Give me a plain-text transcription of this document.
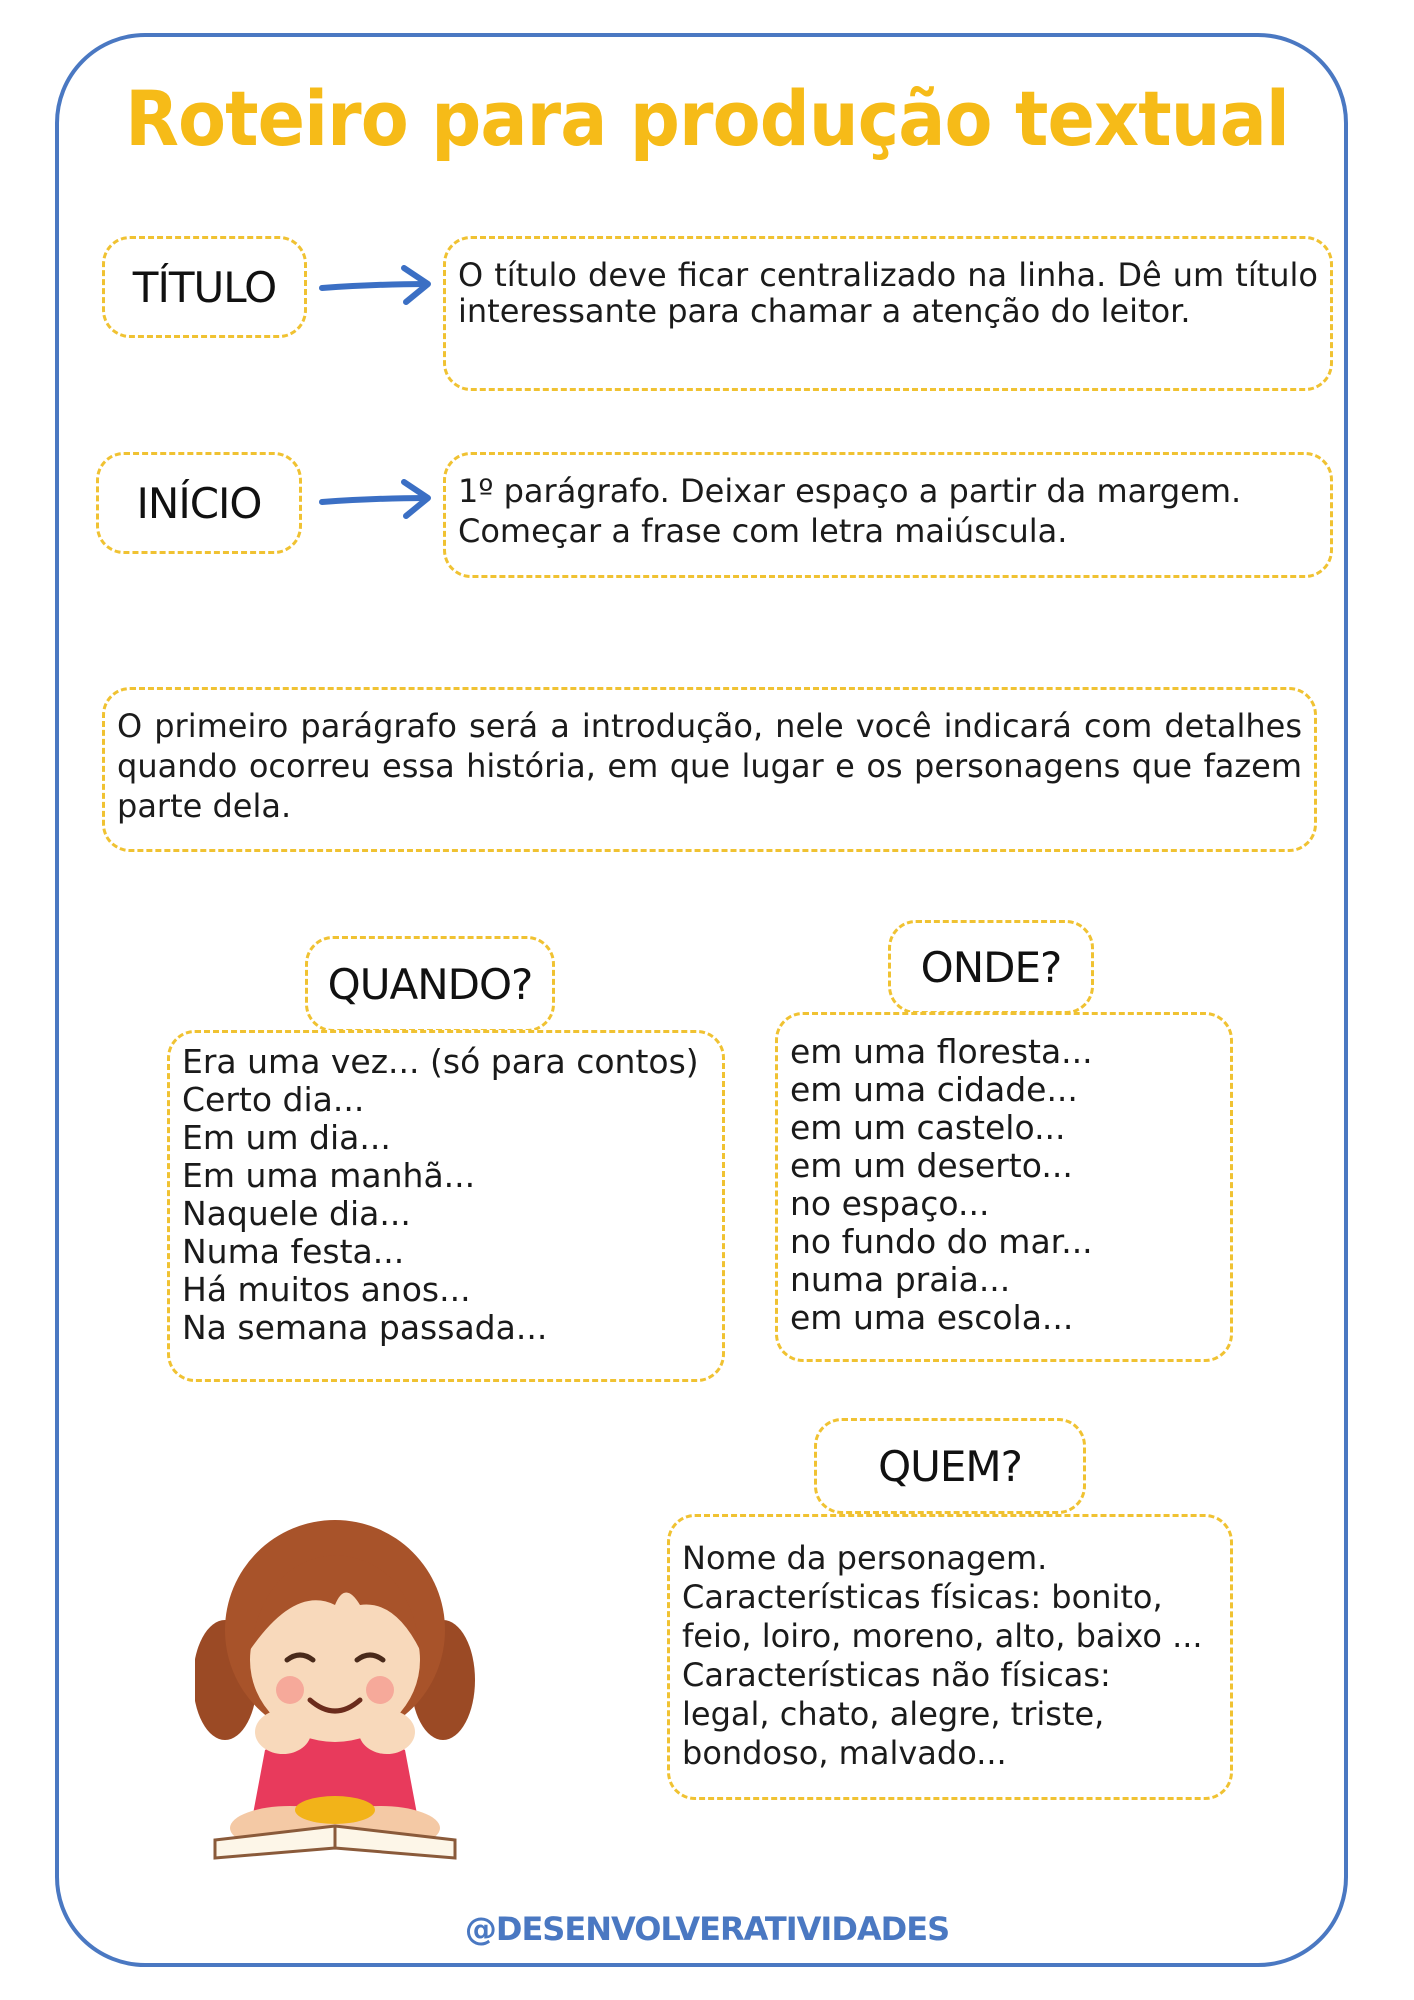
Roteiro para produção textual
TÍTULO	O título deve ficar centralizado na linha. Dê um título interessante para chamar a atenção do leitor.
INÍCIO	1º parágrafo. Deixar espaço a partir da margem. Começar a frase com letra maiúscula.
O primeiro parágrafo será a introdução, nele você indicará com detalhes quando ocorreu essa história, em que lugar e os personagens que fazem parte dela.
QUANDO?
Era uma vez... (só para contos)
Certo dia...
Em um dia...
Em uma manhã...
Naquele dia...
Numa festa...
Há muitos anos...
Na semana passada...
ONDE?
em uma floresta...
em uma cidade...
em um castelo...
em um deserto...
no espaço...
no fundo do mar...
numa praia...
em uma escola...
QUEM?
Nome da personagem.
Características físicas: bonito,
feio, loiro, moreno, alto, baixo ...
Características não físicas:
legal, chato, alegre, triste,
bondoso, malvado...
@DESENVOLVERATIVIDADES
